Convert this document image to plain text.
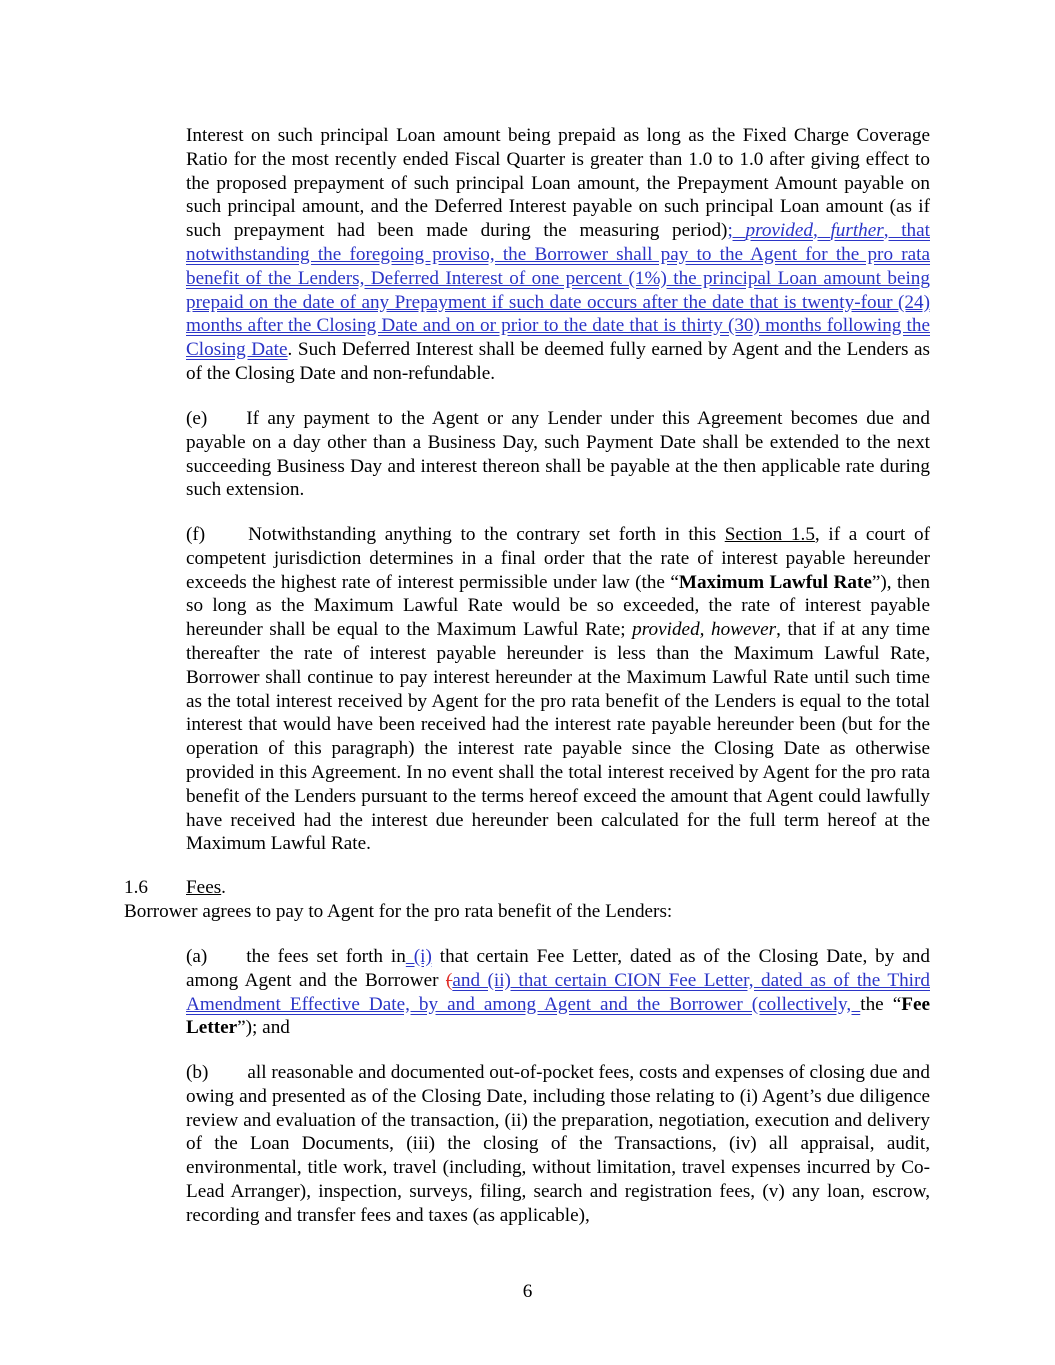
Interest on such principal Loan amount being prepaid as long as the Fixed Charge Coverage Ratio for the most recently ended Fiscal Quarter is greater than 1.0 to 1.0 after giving effect to the proposed prepayment of such principal Loan amount, the Prepayment Amount payable on such principal amount, and the Deferred Interest payable on such principal Loan amount (as if such prepayment had been made during the measuring period); provided, further, that notwithstanding the foregoing proviso, the Borrower shall pay to the Agent for the pro rata benefit of the Lenders, Deferred Interest of one percent (1%) the principal Loan amount being prepaid on the date of any Prepayment if such date occurs after the date that is twenty-four (24) months after the Closing Date and on or prior to the date that is thirty (30) months following the Closing Date. Such Deferred Interest shall be deemed fully earned by Agent and the Lenders as of the Closing Date and non-refundable.

(e) If any payment to the Agent or any Lender under this Agreement becomes due and payable on a day other than a Business Day, such Payment Date shall be extended to the next succeeding Business Day and interest thereon shall be payable at the then applicable rate during such extension.

(f) Notwithstanding anything to the contrary set forth in this Section 1.5, if a court of competent jurisdiction determines in a final order that the rate of interest payable hereunder exceeds the highest rate of interest permissible under law (the “Maximum Lawful Rate”), then so long as the Maximum Lawful Rate would be so exceeded, the rate of interest payable hereunder shall be equal to the Maximum Lawful Rate; provided, however, that if at any time thereafter the rate of interest payable hereunder is less than the Maximum Lawful Rate, Borrower shall continue to pay interest hereunder at the Maximum Lawful Rate until such time as the total interest received by Agent for the pro rata benefit of the Lenders is equal to the total interest that would have been received had the interest rate payable hereunder been (but for the operation of this paragraph) the interest rate payable since the Closing Date as otherwise provided in this Agreement. In no event shall the total interest received by Agent for the pro rata benefit of the Lenders pursuant to the terms hereof exceed the amount that Agent could lawfully have received had the interest due hereunder been calculated for the full term hereof at the Maximum Lawful Rate.

1.6 Fees.
Borrower agrees to pay to Agent for the pro rata benefit of the Lenders:

(a) the fees set forth in (i) that certain Fee Letter, dated as of the Closing Date, by and among Agent and the Borrower (and (ii) that certain CION Fee Letter, dated as of the Third Amendment Effective Date, by and among Agent and the Borrower (collectively, the “Fee Letter”); and

(b) all reasonable and documented out-of-pocket fees, costs and expenses of closing due and owing and presented as of the Closing Date, including those relating to (i) Agent’s due diligence review and evaluation of the transaction, (ii) the preparation, negotiation, execution and delivery of the Loan Documents, (iii) the closing of the Transactions, (iv) all appraisal, audit, environmental, title work, travel (including, without limitation, travel expenses incurred by Co-Lead Arranger), inspection, surveys, filing, search and registration fees, (v) any loan, escrow, recording and transfer fees and taxes (as applicable),

6
